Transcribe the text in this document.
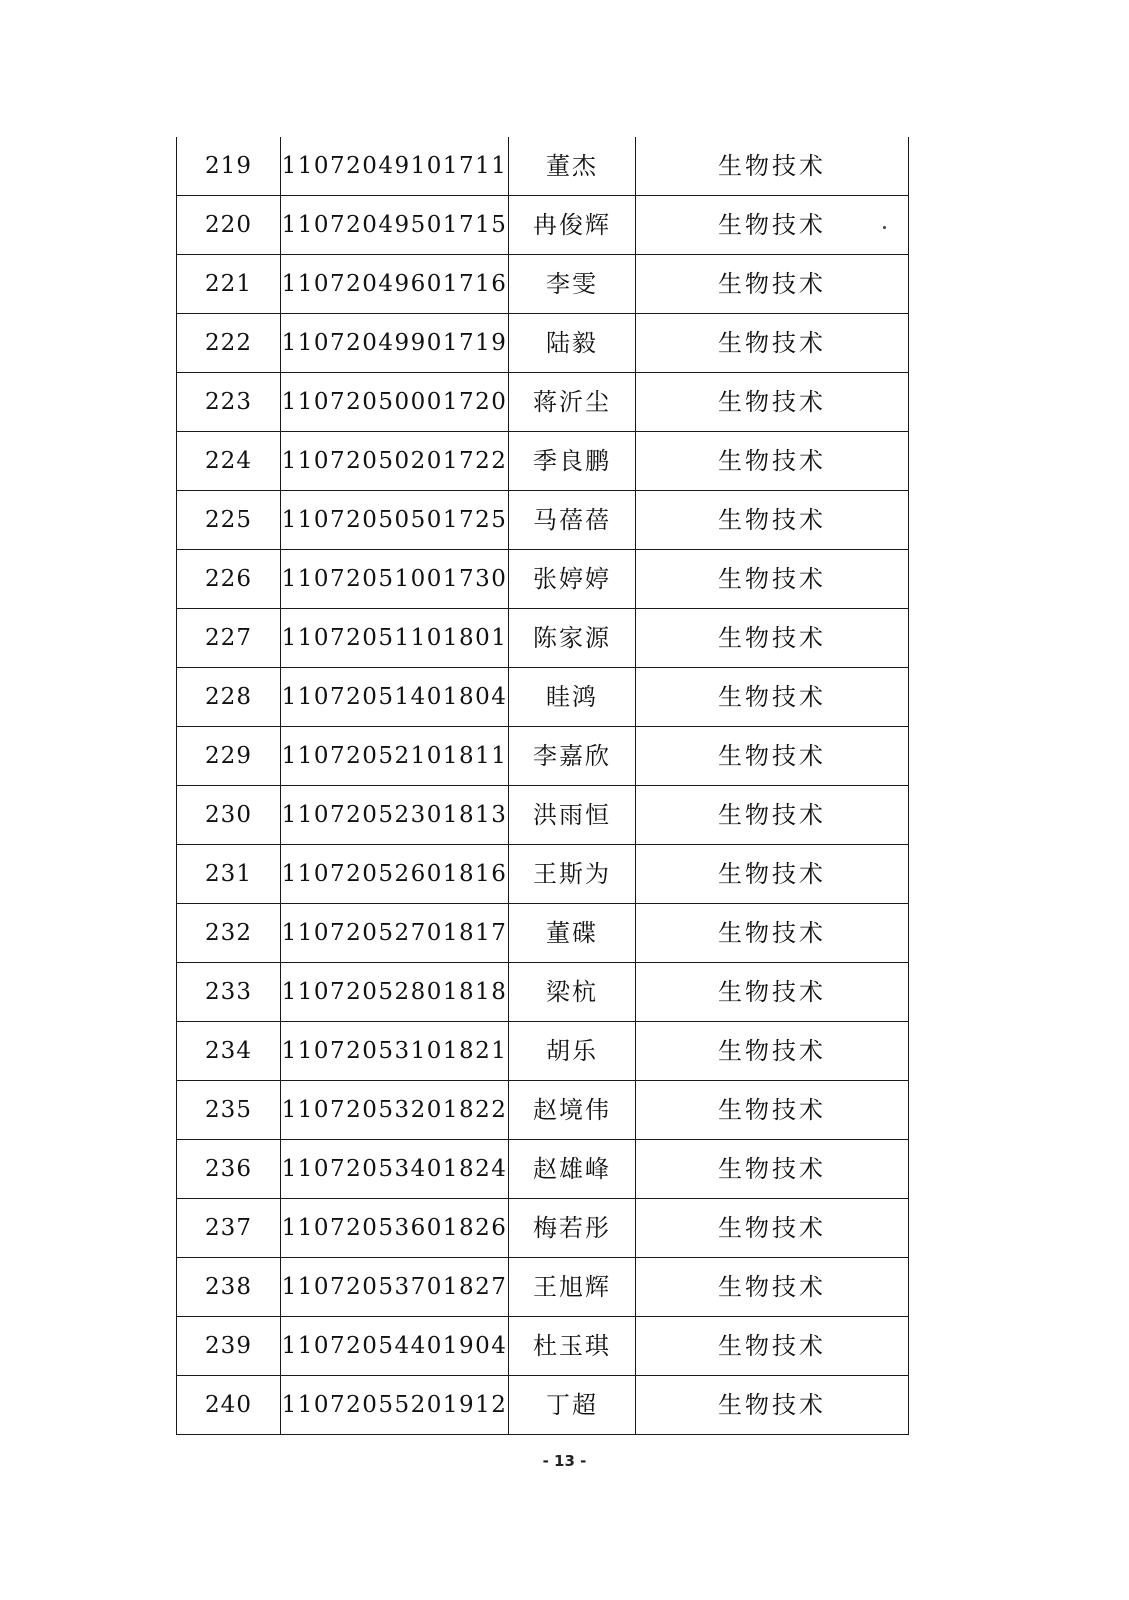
219	11072049101711	董杰	生物技术
220	11072049501715	冉俊辉	生物技术
221	11072049601716	李雯	生物技术
222	11072049901719	陆毅	生物技术
223	11072050001720	蒋沂尘	生物技术
224	11072050201722	季良鹏	生物技术
225	11072050501725	马蓓蓓	生物技术
226	11072051001730	张婷婷	生物技术
227	11072051101801	陈家源	生物技术
228	11072051401804	眭鸿	生物技术
229	11072052101811	李嘉欣	生物技术
230	11072052301813	洪雨恒	生物技术
231	11072052601816	王斯为	生物技术
232	11072052701817	董碟	生物技术
233	11072052801818	梁杭	生物技术
234	11072053101821	胡乐	生物技术
235	11072053201822	赵境伟	生物技术
236	11072053401824	赵雄峰	生物技术
237	11072053601826	梅若彤	生物技术
238	11072053701827	王旭辉	生物技术
239	11072054401904	杜玉琪	生物技术
240	11072055201912	丁超	生物技术
- 13 -
